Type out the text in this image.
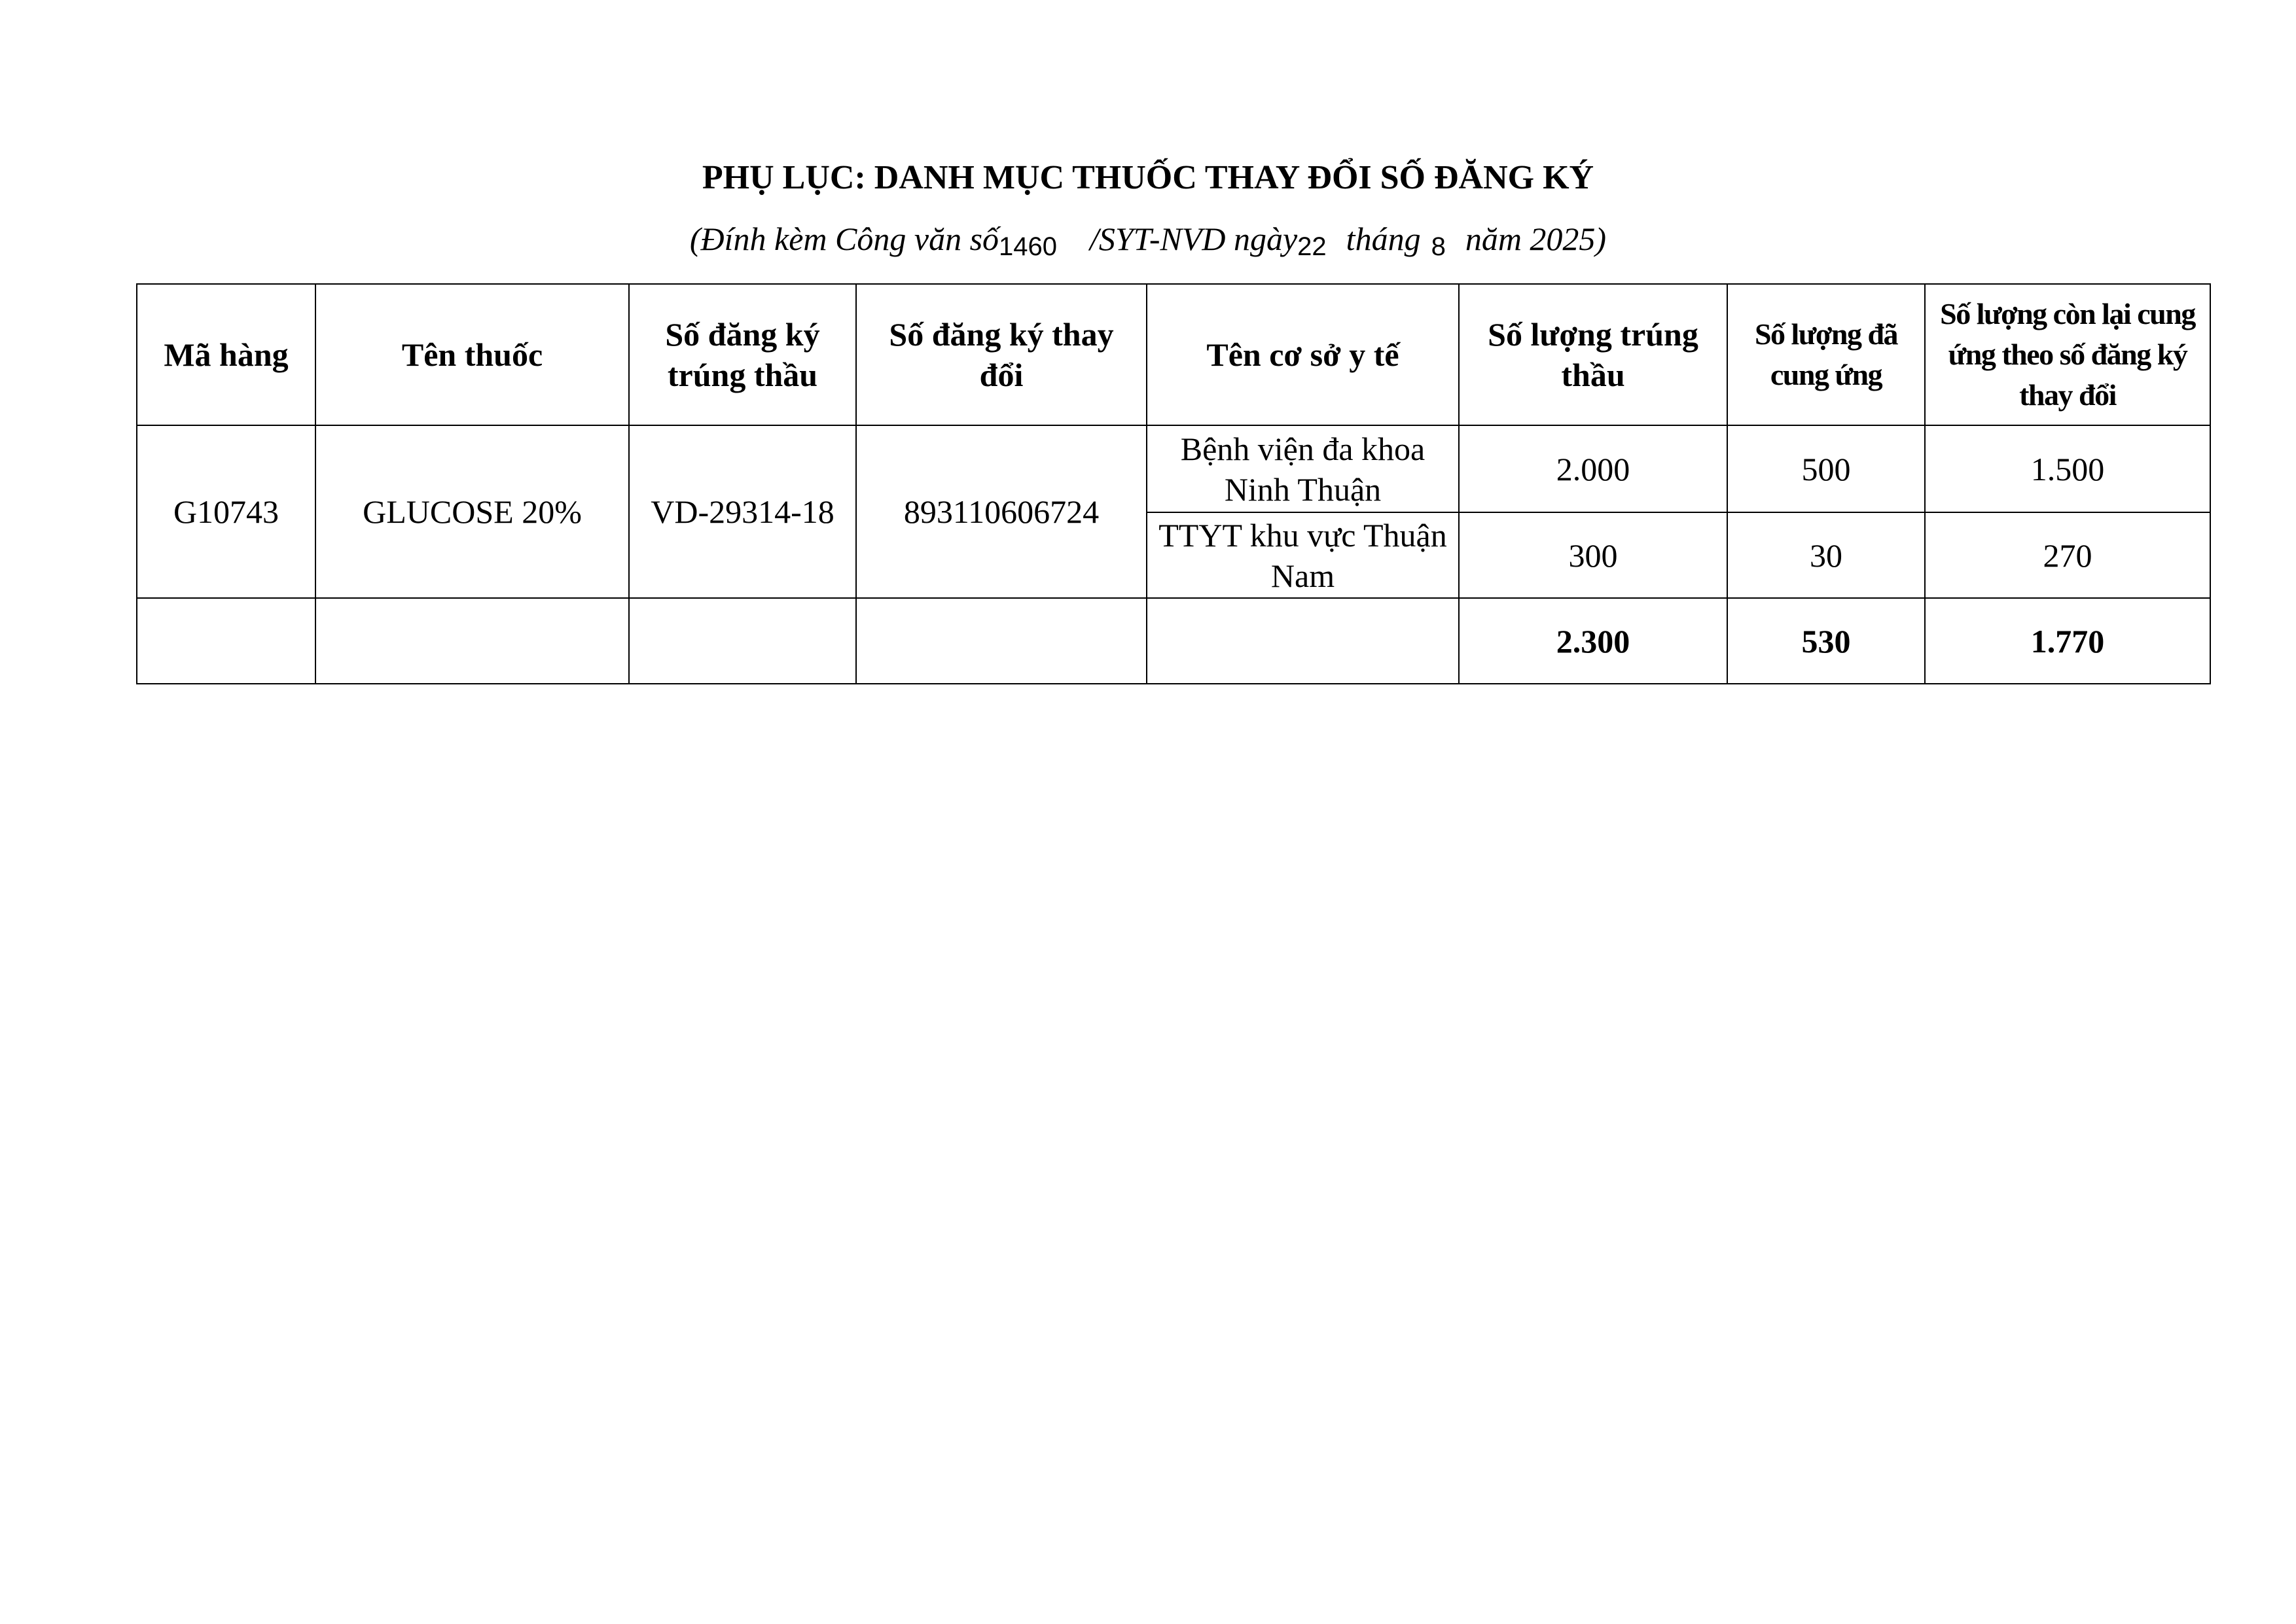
PHỤ LỤC: DANH MỤC THUỐC THAY ĐỔI SỐ ĐĂNG KÝ
(Đính kèm Công văn số1460 /SYT-NVD ngày22 tháng 8 năm 2025)
Mã hàng	Tên thuốc	Số đăng ký trúng thầu	Số đăng ký thay đổi	Tên cơ sở y tế	Số lượng trúng thầu	Số lượng đã cung ứng	Số lượng còn lại cung ứng theo số đăng ký thay đổi
G10743	GLUCOSE 20%	VD-29314-18	893110606724	Bệnh viện đa khoa Ninh Thuận	2.000	500	1.500
				TTYT khu vực Thuận Nam	300	30	270
					2.300	530	1.770
